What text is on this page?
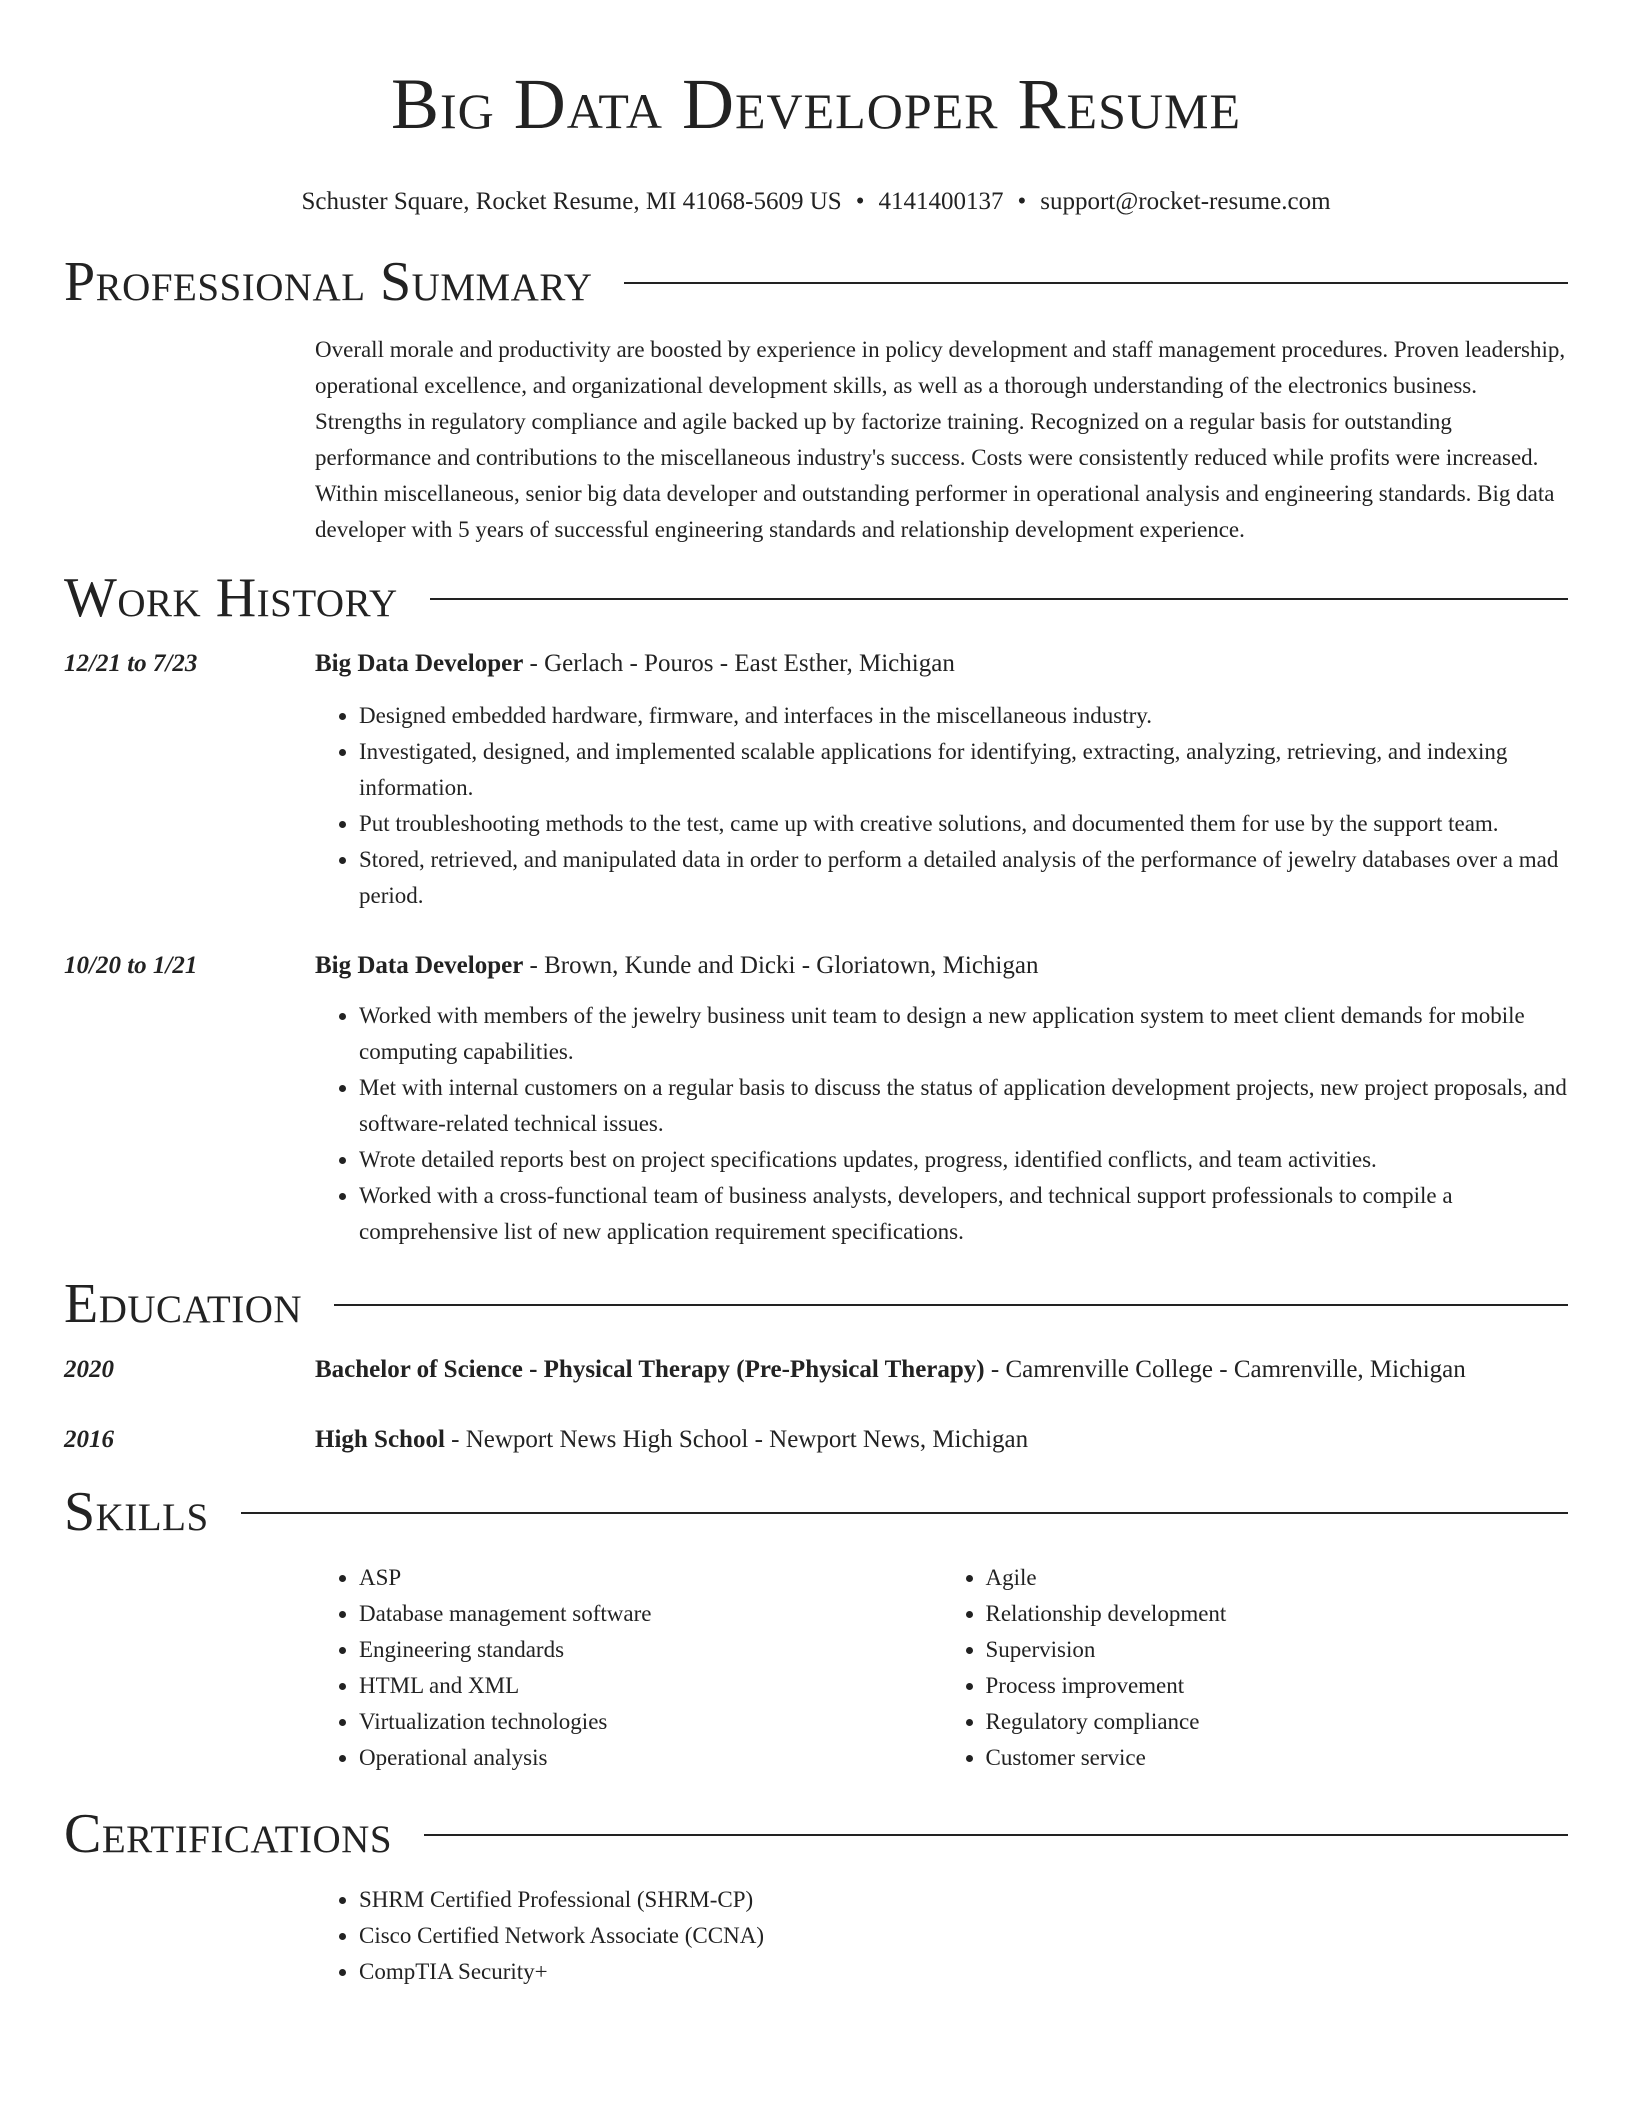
Big Data Developer Resume
Schuster Square, Rocket Resume, MI 41068-5609 US • 4141400137 • support@rocket-resume.com
Professional Summary
Overall morale and productivity are boosted by experience in policy development and staff management procedures. Proven leadership, operational excellence, and organizational development skills, as well as a thorough understanding of the electronics business. Strengths in regulatory compliance and agile backed up by factorize training. Recognized on a regular basis for outstanding performance and contributions to the miscellaneous industry's success. Costs were consistently reduced while profits were increased. Within miscellaneous, senior big data developer and outstanding performer in operational analysis and engineering standards. Big data developer with 5 years of successful engineering standards and relationship development experience.
Work History
12/21 to 7/23	Big Data Developer - Gerlach - Pouros - East Esther, Michigan
• Designed embedded hardware, firmware, and interfaces in the miscellaneous industry.
• Investigated, designed, and implemented scalable applications for identifying, extracting, analyzing, retrieving, and indexing information.
• Put troubleshooting methods to the test, came up with creative solutions, and documented them for use by the support team.
• Stored, retrieved, and manipulated data in order to perform a detailed analysis of the performance of jewelry databases over a mad period.
10/20 to 1/21	Big Data Developer - Brown, Kunde and Dicki - Gloriatown, Michigan
• Worked with members of the jewelry business unit team to design a new application system to meet client demands for mobile computing capabilities.
• Met with internal customers on a regular basis to discuss the status of application development projects, new project proposals, and software-related technical issues.
• Wrote detailed reports best on project specifications updates, progress, identified conflicts, and team activities.
• Worked with a cross-functional team of business analysts, developers, and technical support professionals to compile a comprehensive list of new application requirement specifications.
Education
2020	Bachelor of Science - Physical Therapy (Pre-Physical Therapy) - Camrenville College - Camrenville, Michigan
2016	High School - Newport News High School - Newport News, Michigan
Skills
• ASP
• Database management software
• Engineering standards
• HTML and XML
• Virtualization technologies
• Operational analysis
• Agile
• Relationship development
• Supervision
• Process improvement
• Regulatory compliance
• Customer service
Certifications
• SHRM Certified Professional (SHRM-CP)
• Cisco Certified Network Associate (CCNA)
• CompTIA Security+
